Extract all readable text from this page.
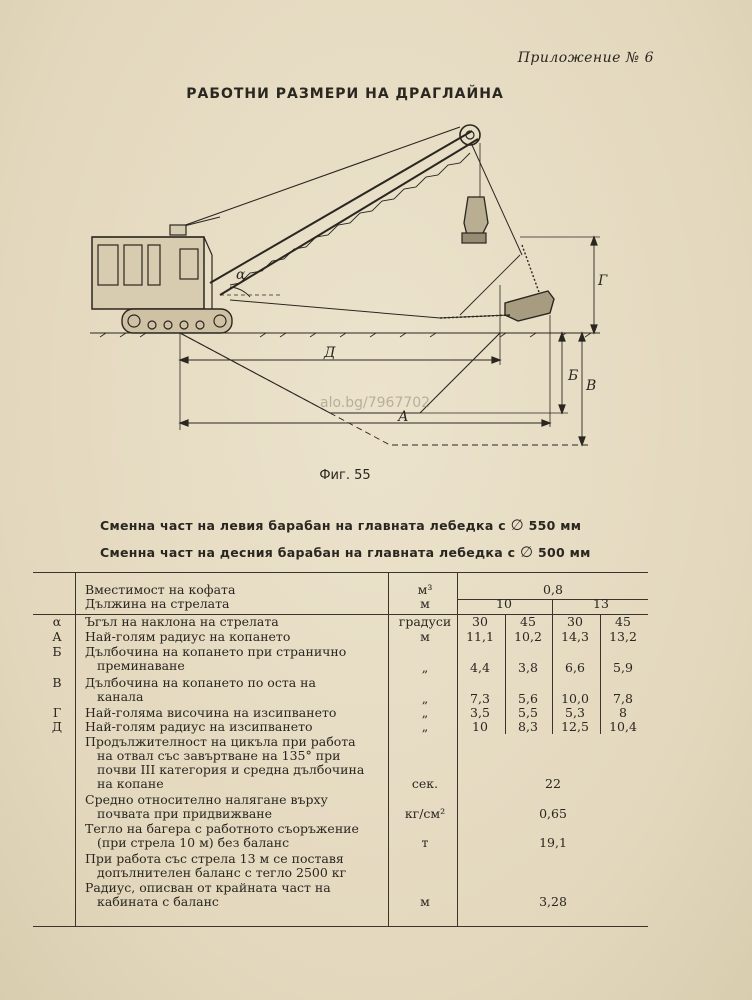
Приложение № 6
РАБОТНИ РАЗМЕРИ НА ДРАГЛАЙНА
α
Д
А
Б
В
Г
alo.bg/7967702
Фиг. 55
Сменна част на левия барабан на главната лебедка с ∅ 550 мм
Сменна част на десния барабан на главната лебедка с ∅ 500 мм
Вместимост на кофата	м³	0,8
Дължина на стрелата	м	10	13
α	Ъгъл на наклона на стрелата	градуси	30	45	30	45
А	Най-голям радиус на копането	м	11,1	10,2	14,3	13,2
Б	Дълбочина на копането при странично
преминаване	„	4,4	3,8	6,6	5,9
В	Дълбочина на копането по оста на
канала	„	7,3	5,6	10,0	7,8
Г	Най-голяма височина на изсипването	„	3,5	5,5	5,3	8
Д	Най-голям радиус на изсипването	„	10	8,3	12,5	10,4
Продължителност на цикъла при работа
на отвал със завъртване на 135° при
почви III категория и средна дълбочина
на копане	сек.	22
Средно относително налягане върху
почвата при придвижване	кг/см²	0,65
Тегло на багера с работното съоръжение
(при стрела 10 м) без баланс	т	19,1
При работа със стрела 13 м се поставя
допълнителен баланс с тегло 2500 кг
Радиус, описван от крайната част на
кабината с баланс	м	3,28
